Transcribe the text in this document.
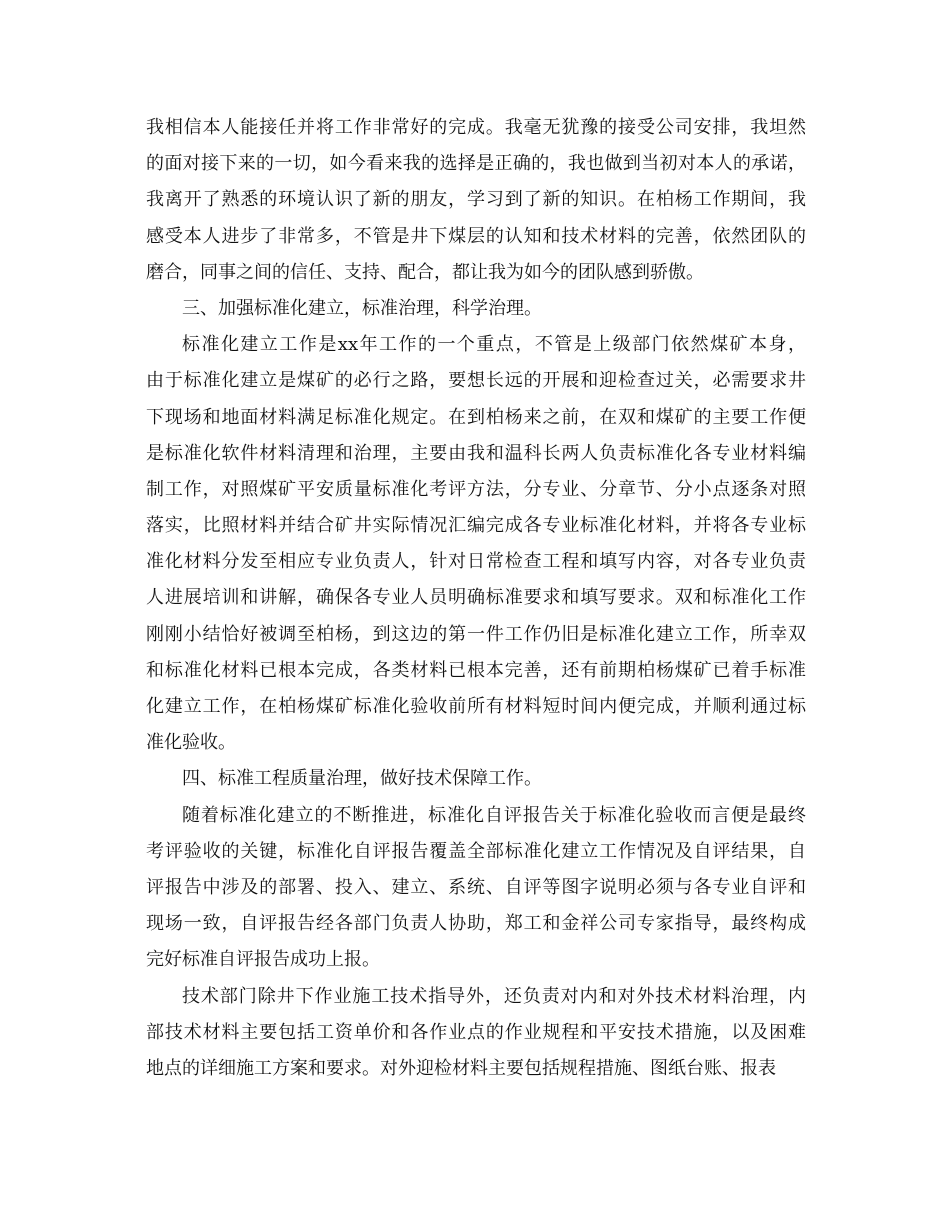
我相信本人能接任并将工作非常好的完成。我毫无犹豫的接受公司安排，我坦然
的面对接下来的一切，如今看来我的选择是正确的，我也做到当初对本人的承诺，
我离开了熟悉的环境认识了新的朋友，学习到了新的知识。在柏杨工作期间，我
感受本人进步了非常多，不管是井下煤层的认知和技术材料的完善，依然团队的
磨合，同事之间的信任、支持、配合，都让我为如今的团队感到骄傲。
三、加强标准化建立，标准治理，科学治理。
标准化建立工作是xx年工作的一个重点，不管是上级部门依然煤矿本身，
由于标准化建立是煤矿的必行之路，要想长远的开展和迎检查过关，必需要求井
下现场和地面材料满足标准化规定。在到柏杨来之前，在双和煤矿的主要工作便
是标准化软件材料清理和治理，主要由我和温科长两人负责标准化各专业材料编
制工作，对照煤矿平安质量标准化考评方法，分专业、分章节、分小点逐条对照
落实，比照材料并结合矿井实际情况汇编完成各专业标准化材料，并将各专业标
准化材料分发至相应专业负责人，针对日常检查工程和填写内容，对各专业负责
人进展培训和讲解，确保各专业人员明确标准要求和填写要求。双和标准化工作
刚刚小结恰好被调至柏杨，到这边的第一件工作仍旧是标准化建立工作，所幸双
和标准化材料已根本完成，各类材料已根本完善，还有前期柏杨煤矿已着手标准
化建立工作，在柏杨煤矿标准化验收前所有材料短时间内便完成，并顺利通过标
准化验收。
四、标准工程质量治理，做好技术保障工作。
随着标准化建立的不断推进，标准化自评报告关于标准化验收而言便是最终
考评验收的关键，标准化自评报告覆盖全部标准化建立工作情况及自评结果，自
评报告中涉及的部署、投入、建立、系统、自评等图字说明必须与各专业自评和
现场一致，自评报告经各部门负责人协助，郑工和金祥公司专家指导，最终构成
完好标准自评报告成功上报。
技术部门除井下作业施工技术指导外，还负责对内和对外技术材料治理，内
部技术材料主要包括工资单价和各作业点的作业规程和平安技术措施，以及困难
地点的详细施工方案和要求。对外迎检材料主要包括规程措施、图纸台账、报表
